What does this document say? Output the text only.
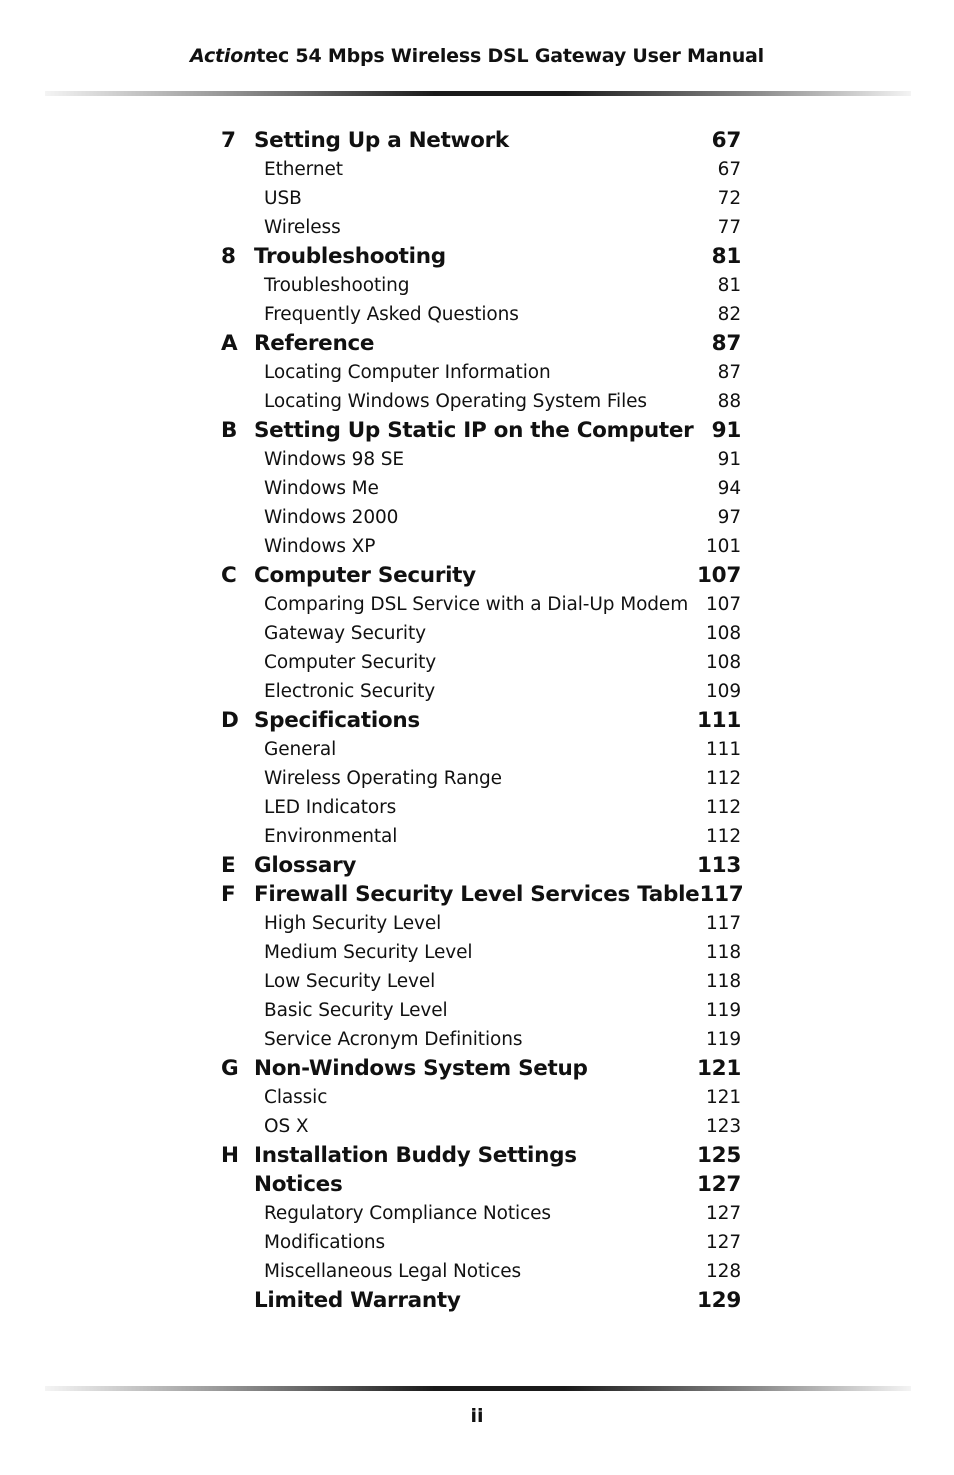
Actiontec 54 Mbps Wireless DSL Gateway User Manual
7 Setting Up a Network	67
Ethernet	67
USB	72
Wireless	77
8 Troubleshooting	81
Troubleshooting	81
Frequently Asked Questions	82
A Reference	87
Locating Computer Information	87
Locating Windows Operating System Files	88
B Setting Up Static IP on the Computer 91
Windows 98 SE	91
Windows Me	94
Windows 2000	97
Windows XP	101
C Computer Security	107
Comparing DSL Service with a Dial-Up Modem 107
Gateway Security	108
Computer Security	108
Electronic Security	109
D Specifications	111
General	111
Wireless Operating Range	112
LED Indicators	112
Environmental	112
E Glossary	113
F Firewall Security Level Services Table 117
High Security Level	117
Medium Security Level	118
Low Security Level	118
Basic Security Level	119
Service Acronym Definitions	119
G Non-Windows System Setup	121
Classic	121
OS X	123
H Installation Buddy Settings	125
Notices	127
Regulatory Compliance Notices	127
Modifications	127
Miscellaneous Legal Notices	128
Limited Warranty	129
ii
